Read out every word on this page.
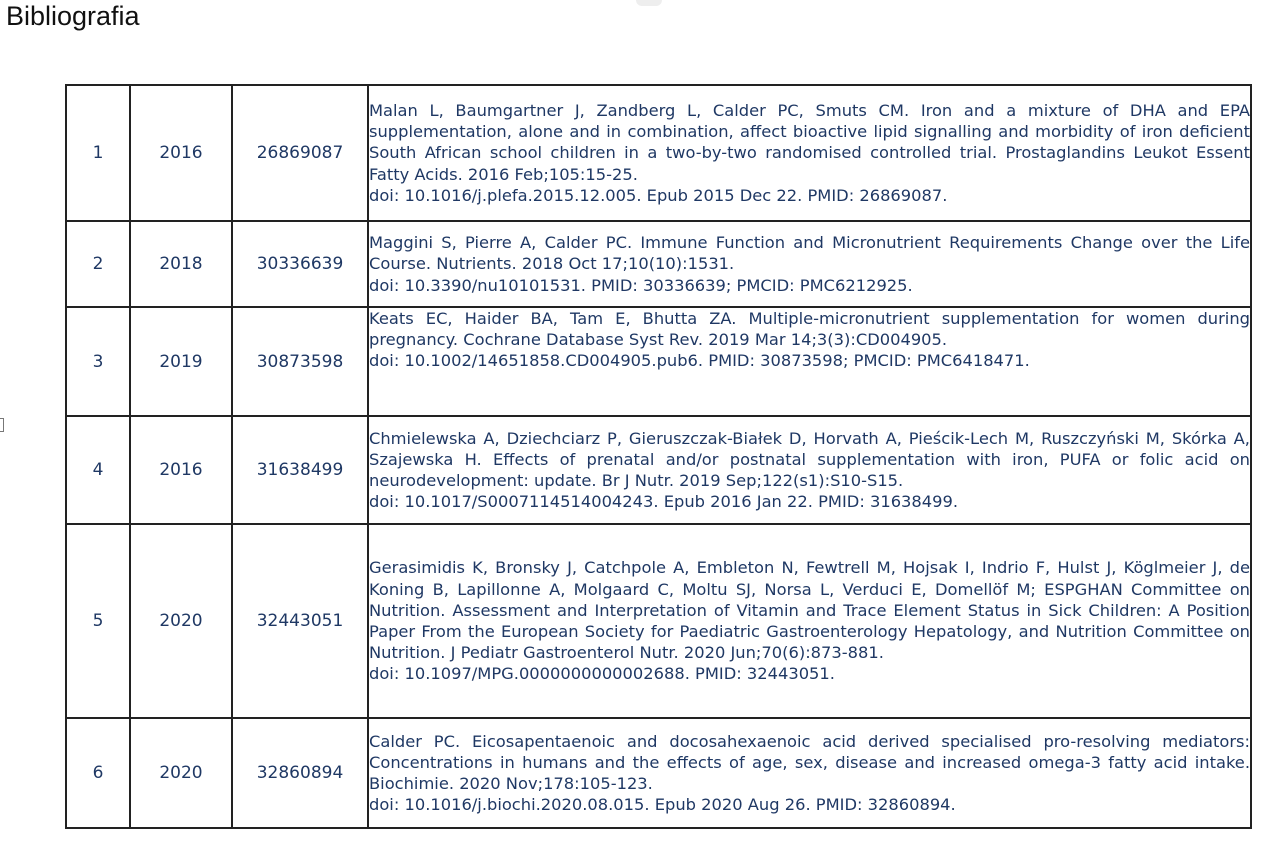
Bibliografia
1	2016	26869087	Malan L, Baumgartner J, Zandberg L, Calder PC, Smuts CM. Iron and a mixture of DHA and EPA supplementation, alone and in combination, affect bioactive lipid signalling and morbidity of iron deficient South African school children in a two-by-two randomised controlled trial. Prostaglandins Leukot Essent Fatty Acids. 2016 Feb;105:15-25.
doi: 10.1016/j.plefa.2015.12.005. Epub 2015 Dec 22. PMID: 26869087.

2	2018	30336639	Maggini S, Pierre A, Calder PC. Immune Function and Micronutrient Requirements Change over the Life Course. Nutrients. 2018 Oct 17;10(10):1531.
doi: 10.3390/nu10101531. PMID: 30336639; PMCID: PMC6212925.

3	2019	30873598	Keats EC, Haider BA, Tam E, Bhutta ZA. Multiple-micronutrient supplementation for women during pregnancy. Cochrane Database Syst Rev. 2019 Mar 14;3(3):CD004905.
doi: 10.1002/14651858.CD004905.pub6. PMID: 30873598; PMCID: PMC6418471.

4	2016	31638499	Chmielewska A, Dziechciarz P, Gieruszczak-Białek D, Horvath A, Pieścik-Lech M, Ruszczyński M, Skórka A, Szajewska H. Effects of prenatal and/or postnatal supplementation with iron, PUFA or folic acid on neurodevelopment: update. Br J Nutr. 2019 Sep;122(s1):S10-S15.
doi: 10.1017/S0007114514004243. Epub 2016 Jan 22. PMID: 31638499.

5	2020	32443051	Gerasimidis K, Bronsky J, Catchpole A, Embleton N, Fewtrell M, Hojsak I, Indrio F, Hulst J, Köglmeier J, de Koning B, Lapillonne A, Molgaard C, Moltu SJ, Norsa L, Verduci E, Domellöf M; ESPGHAN Committee on Nutrition. Assessment and Interpretation of Vitamin and Trace Element Status in Sick Children: A Position Paper From the European Society for Paediatric Gastroenterology Hepatology, and Nutrition Committee on Nutrition. J Pediatr Gastroenterol Nutr. 2020 Jun;70(6):873-881.
doi: 10.1097/MPG.0000000000002688. PMID: 32443051.

6	2020	32860894	Calder PC. Eicosapentaenoic and docosahexaenoic acid derived specialised pro-resolving mediators: Concentrations in humans and the effects of age, sex, disease and increased omega-3 fatty acid intake. Biochimie. 2020 Nov;178:105-123.
doi: 10.1016/j.biochi.2020.08.015. Epub 2020 Aug 26. PMID: 32860894.
